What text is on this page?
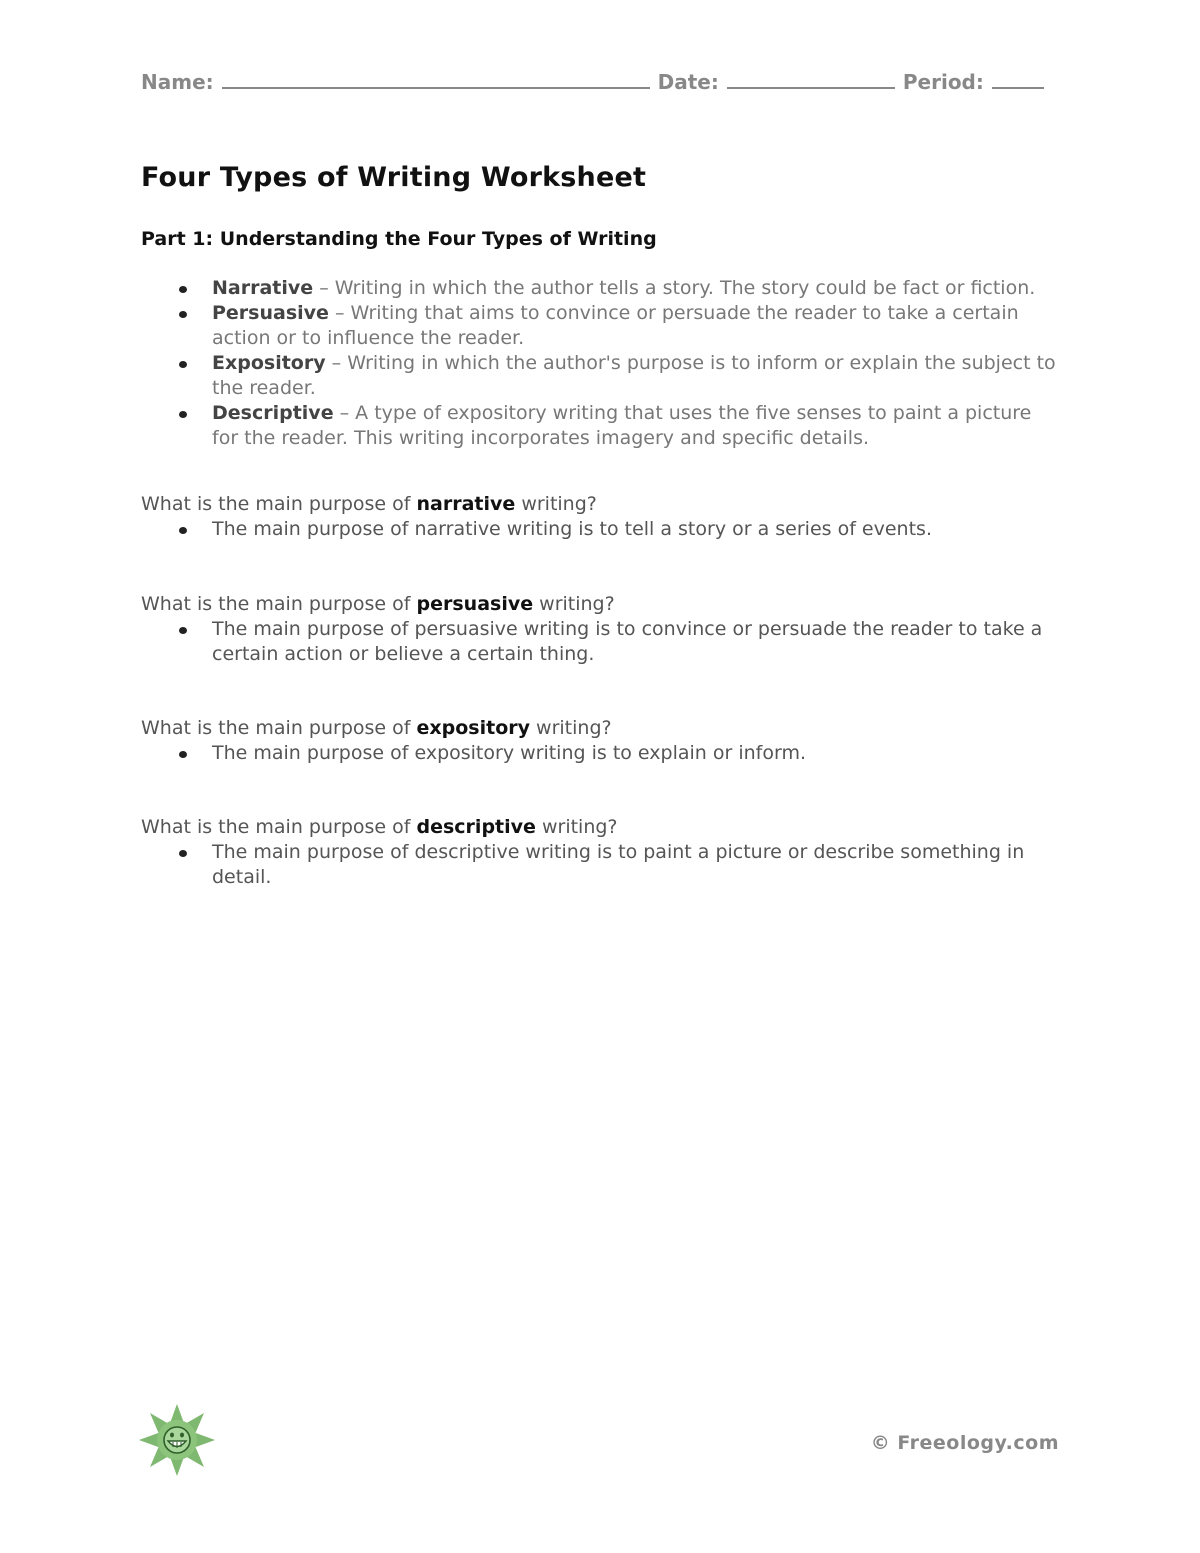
Name:	Date:	Period:
Four Types of Writing Worksheet
Part 1: Understanding the Four Types of Writing
Narrative – Writing in which the author tells a story. The story could be fact or fiction.
Persuasive – Writing that aims to convince or persuade the reader to take a certain action or to influence the reader.
Expository – Writing in which the author's purpose is to inform or explain the subject to the reader.
Descriptive – A type of expository writing that uses the five senses to paint a picture for the reader. This writing incorporates imagery and specific details.
What is the main purpose of narrative writing?
The main purpose of narrative writing is to tell a story or a series of events.
What is the main purpose of persuasive writing?
The main purpose of persuasive writing is to convince or persuade the reader to take a certain action or believe a certain thing.
What is the main purpose of expository writing?
The main purpose of expository writing is to explain or inform.
What is the main purpose of descriptive writing?
The main purpose of descriptive writing is to paint a picture or describe something in detail.
© Freeology.com
